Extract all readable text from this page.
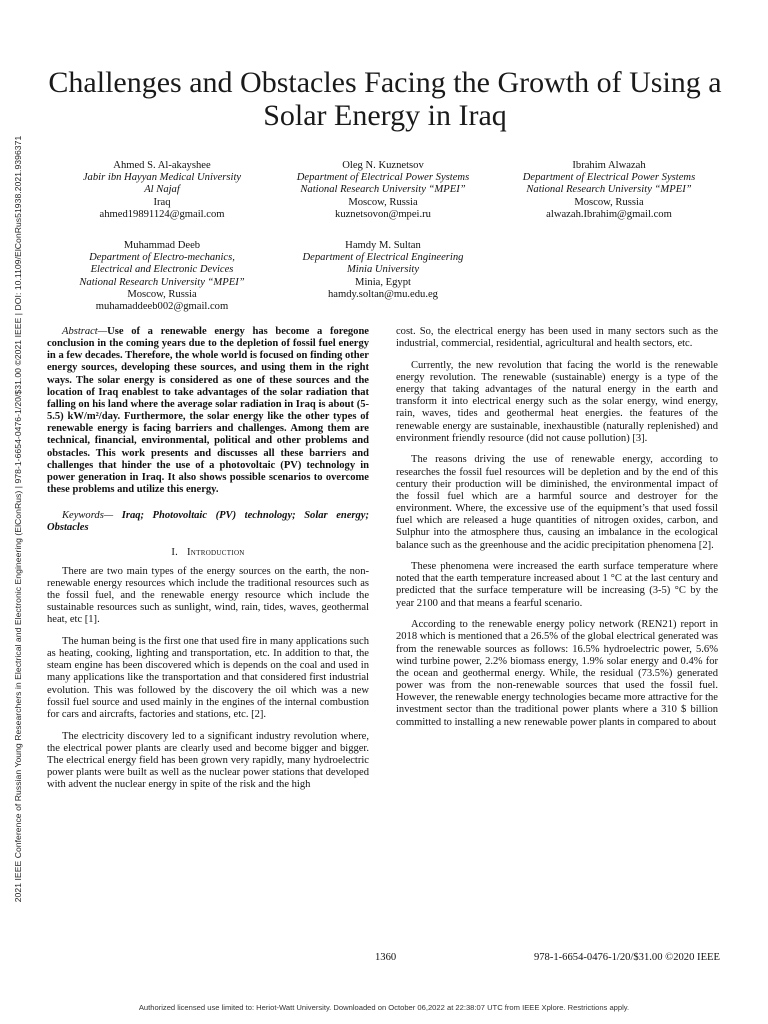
2021 IEEE Conference of Russian Young Researchers in Electrical and Electronic Engineering (ElConRus) | 978-1-6654-0476-1/20/$31.00 ©2021 IEEE | DOI: 10.1109/ElConRus51938.2021.9396371
Challenges and Obstacles Facing the Growth of Using a Solar Energy in Iraq
Ahmed S. Al-akayshee
Jabir ibn Hayyan Medical University
Al Najaf
Iraq
ahmed19891124@gmail.com
Oleg N. Kuznetsov
Department of Electrical Power Systems
National Research University “MPEI”
Moscow, Russia
kuznetsovon@mpei.ru
Ibrahim Alwazah
Department of Electrical Power Systems
National Research University “MPEI”
Moscow, Russia
alwazah.Ibrahim@gmail.com
Muhammad Deeb
Department of Electro-mechanics,
Electrical and Electronic Devices
National Research University “MPEI”
Moscow, Russia
muhamaddeeb002@gmail.com
Hamdy M. Sultan
Department of Electrical Engineering
Minia University
Minia, Egypt
hamdy.soltan@mu.edu.eg

Abstract—Use of a renewable energy has become a foregone conclusion in the coming years due to the depletion of fossil fuel energy in a few decades. Therefore, the whole world is focused on finding other energy sources, developing these sources, and using them in the right ways. The solar energy is considered as one of these sources and the location of Iraq enablest to take advantages of the solar radiation that falling on his land where the average solar radiation in Iraq is about (5-5.5) kW/m²/day. Furthermore, the solar energy like the other types of renewable energy is facing barriers and challenges. Among them are technical, financial, environmental, political and other problems and obstacles. This work presents and discusses all these barriers and challenges that hinder the use of a photovoltaic (PV) technology in power generation in Iraq. It also shows possible scenarios to overcome these problems and utilize this energy.

Keywords— Iraq; Photovoltaic (PV) technology; Solar energy; Obstacles

I. Introduction

There are two main types of the energy sources on the earth, the non-renewable energy resources which include the traditional resources such as the fossil fuel, and the renewable energy resource which include the sustainable resources such as sunlight, wind, rain, tides, waves, geothermal heat, etc [1].

The human being is the first one that used fire in many applications such as heating, cooking, lighting and transportation, etc. In addition to that, the steam engine has been discovered which is depends on the coal and used in many applications like the transportation and that considered first industrial evolution. This was followed by the discovery the oil which was a new fossil fuel source and used mainly in the engines of the internal combustion for cars and aircrafts, factories and stations, etc. [2].

The electricity discovery led to a significant industry revolution where, the electrical power plants are clearly used and become bigger and bigger. The electrical energy field has been grown very rapidly, many hydroelectric power plants were built as well as the nuclear power stations that developed with advent the nuclear energy in spite of the risk and the high

cost. So, the electrical energy has been used in many sectors such as the industrial, commercial, residential, agricultural and health sectors, etc.

Currently, the new revolution that facing the world is the renewable energy revolution. The renewable (sustainable) energy is a type of the energy that taking advantages of the natural energy in the earth and transform it into electrical energy such as the solar energy, wind energy, rain, waves, tides and geothermal heat energies. the features of the renewable energy are sustainable, inexhaustible (naturally replenished) and environment friendly resource (did not cause pollution) [3].

The reasons driving the use of renewable energy, according to researches the fossil fuel resources will be depletion and by the end of this century their production will be diminished, the environmental impact of the fossil fuel which are a harmful source and destroyer for the environment. Where, the excessive use of the equipment’s that used fossil fuel which are released a huge quantities of nitrogen oxides, carbon, and Sulphur into the atmosphere thus, causing an imbalance in the ecological balance such as the greenhouse and the acidic precipitation phenomena [2].

These phenomena were increased the earth surface temperature where noted that the earth temperature increased about 1 °C at the last century and predicted that the surface temperature will be increasing (3-5) °C by the year 2100 and that means a fearful scenario.

According to the renewable energy policy network (REN21) report in 2018 which is mentioned that a 26.5% of the global electrical generated was from the renewable sources as follows: 16.5% hydroelectric power, 5.6% wind turbine power, 2.2% biomass energy, 1.9% solar energy and 0.4% for the ocean and geothermal energy. While, the residual (73.5%) generated power was from the non-renewable sources that used the fossil fuel. However, the renewable energy technologies became more attractive for the investment sector than the traditional power plants where a 310 $ billion committed to installing a new renewable power plants in compared to about

1360	978-1-6654-0476-1/20/$31.00 ©2020 IEEE
Authorized licensed use limited to: Heriot-Watt University. Downloaded on October 06,2022 at 22:38:07 UTC from IEEE Xplore. Restrictions apply.
